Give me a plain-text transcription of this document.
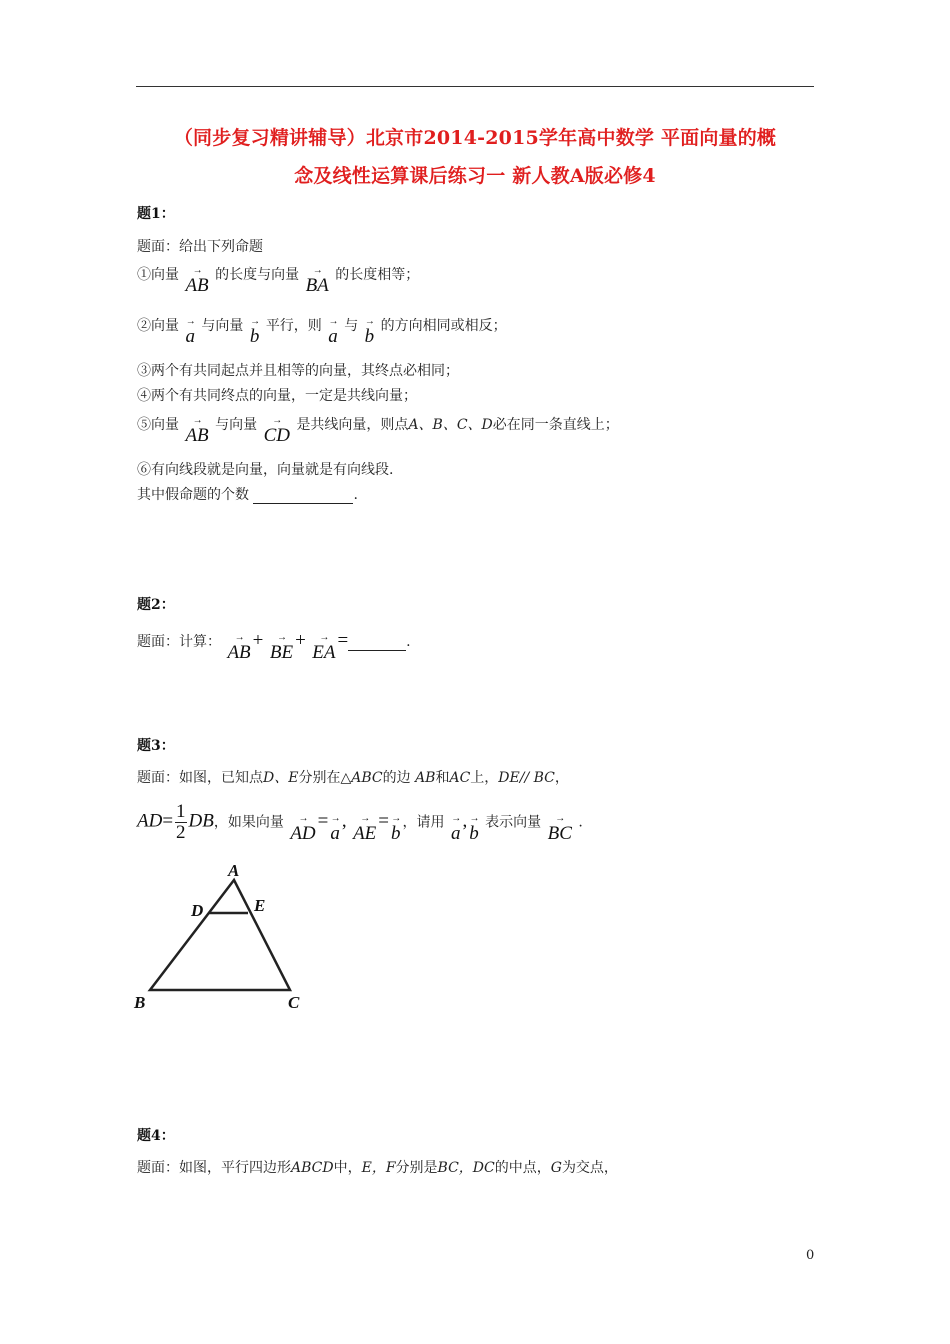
（同步复习精讲辅导）北京市2014-2015学年高中数学 平面向量的概
念及线性运算课后练习一 新人教A版必修4
题1：
题面：给出下列命题
①向量	→
AB 的长度与向量	→
BA 的长度相等；
②向量 →
a 与向量 →
b 平行，则 →
a 与 →
b 的方向相同或相反；
③两个有共同起点并且相等的向量，其终点必相同；
④两个有共同终点的向量，一定是共线向量；
⑤向量	→
AB 与向量	→
CD 是共线向量，则点A、B、C、D必在同一条直线上；
⑥有向线段就是向量，向量就是有向线段.
其中假命题的个数	.
题2：
题面：计算：	→
AB
+	→
BE
+	→
EA
=	.
题3：
题面：如图，已知点D、E分别在△ABC的边 AB和AC上，DE// BC，
$AD= \frac{1}{2}$ DB，如果向量	→
AD
= →
a
,	→
AE
= →
b ，请用 →
a
, →
b 表示向量	→
BC .
A
D	E
B	C
题4：
题面：如图，平行四边形ABCD中，E，F分别是BC，DC的中点，G为交点，
0
